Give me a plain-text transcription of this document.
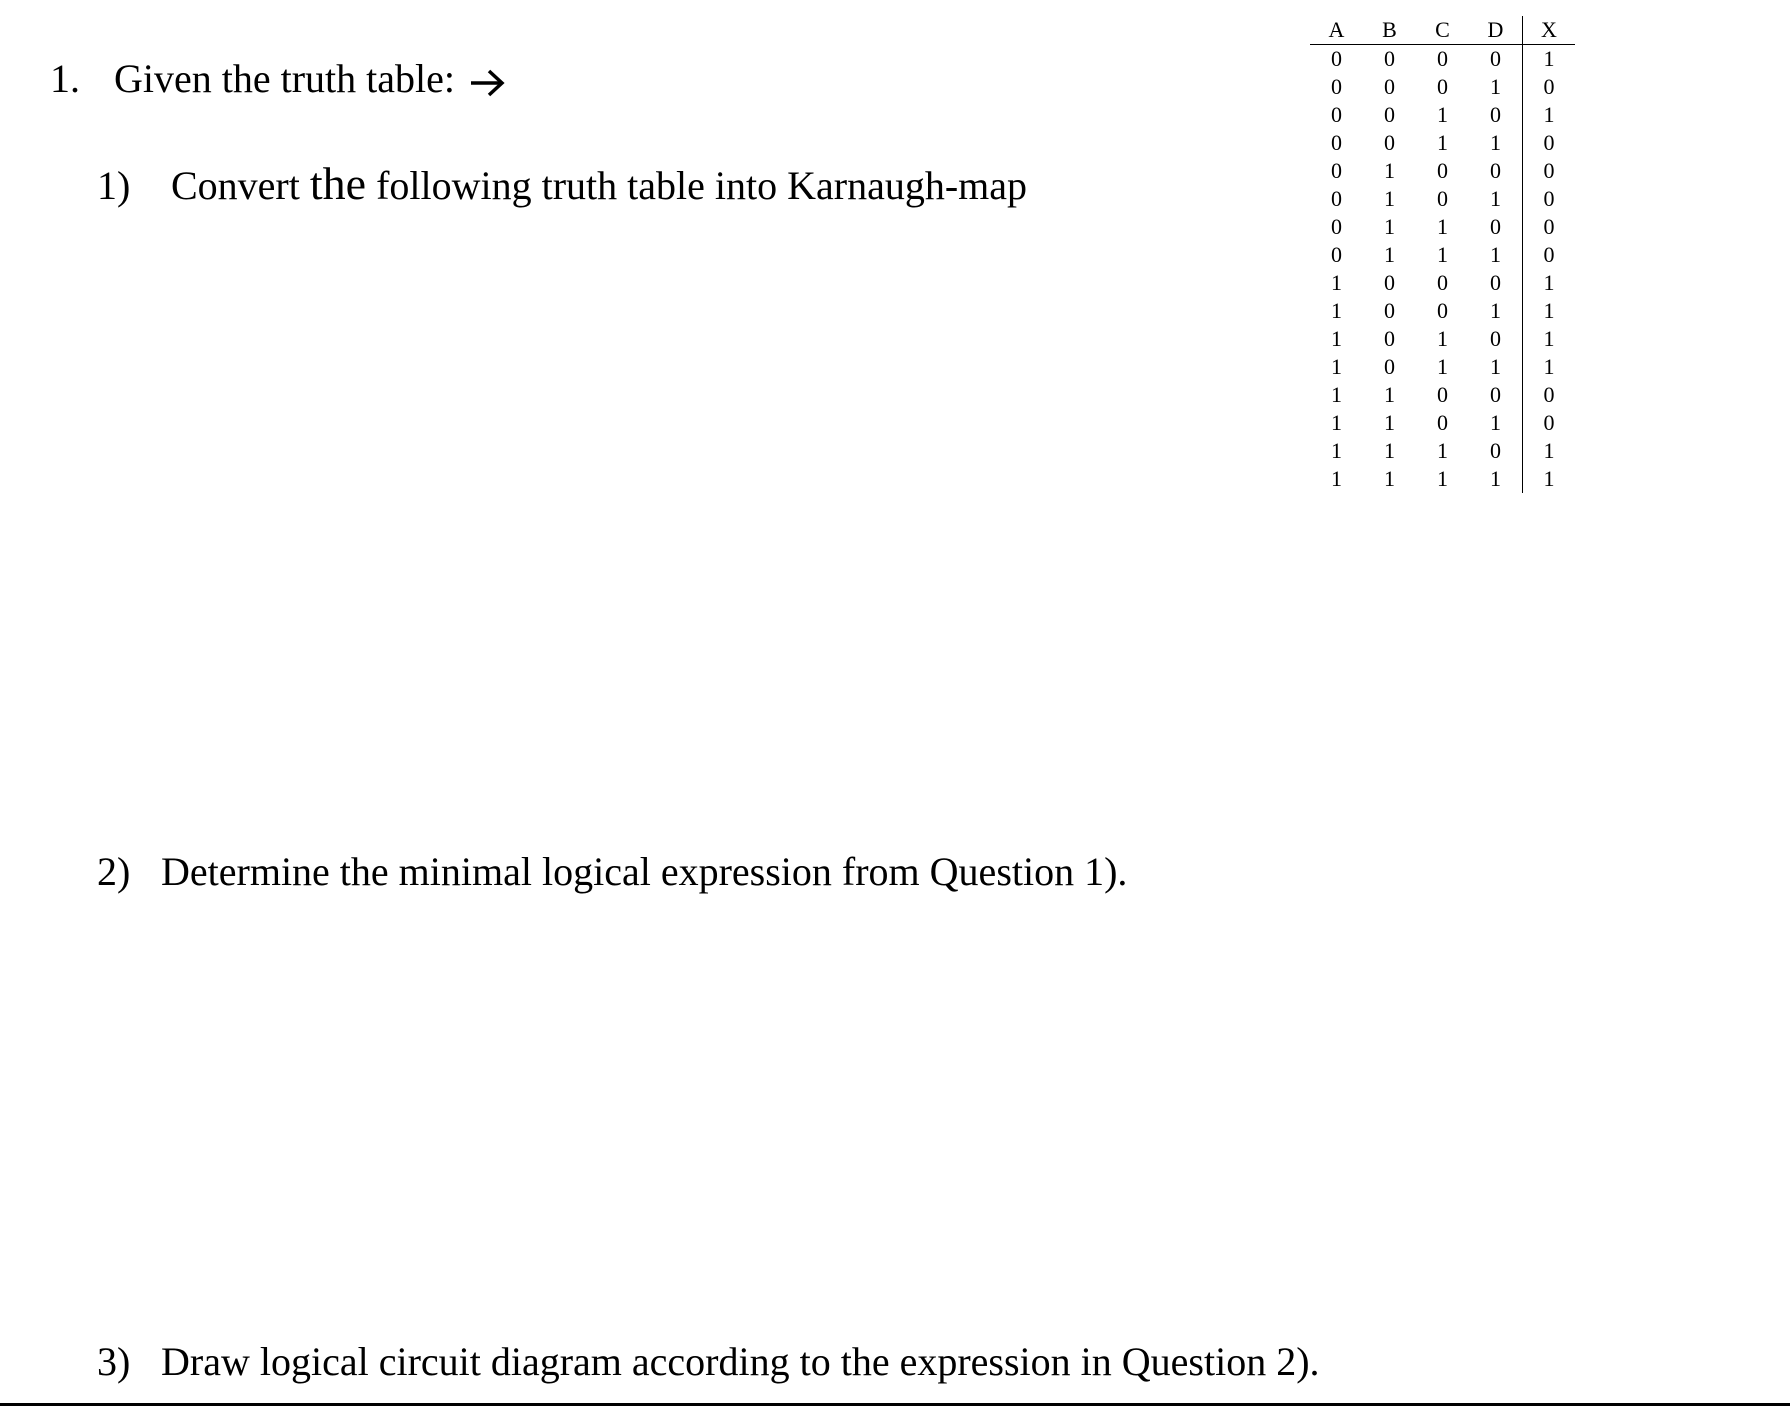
1. Given the truth table:
1) Convert the following truth table into Karnaugh-map
2) Determine the minimal logical expression from Question 1).
3) Draw logical circuit diagram according to the expression in Question 2).
A	B	C	D	X
0	0	0	0	1
0	0	0	1	0
0	0	1	0	1
0	0	1	1	0
0	1	0	0	0
0	1	0	1	0
0	1	1	0	0
0	1	1	1	0
1	0	0	0	1
1	0	0	1	1
1	0	1	0	1
1	0	1	1	1
1	1	0	0	0
1	1	0	1	0
1	1	1	0	1
1	1	1	1	1
